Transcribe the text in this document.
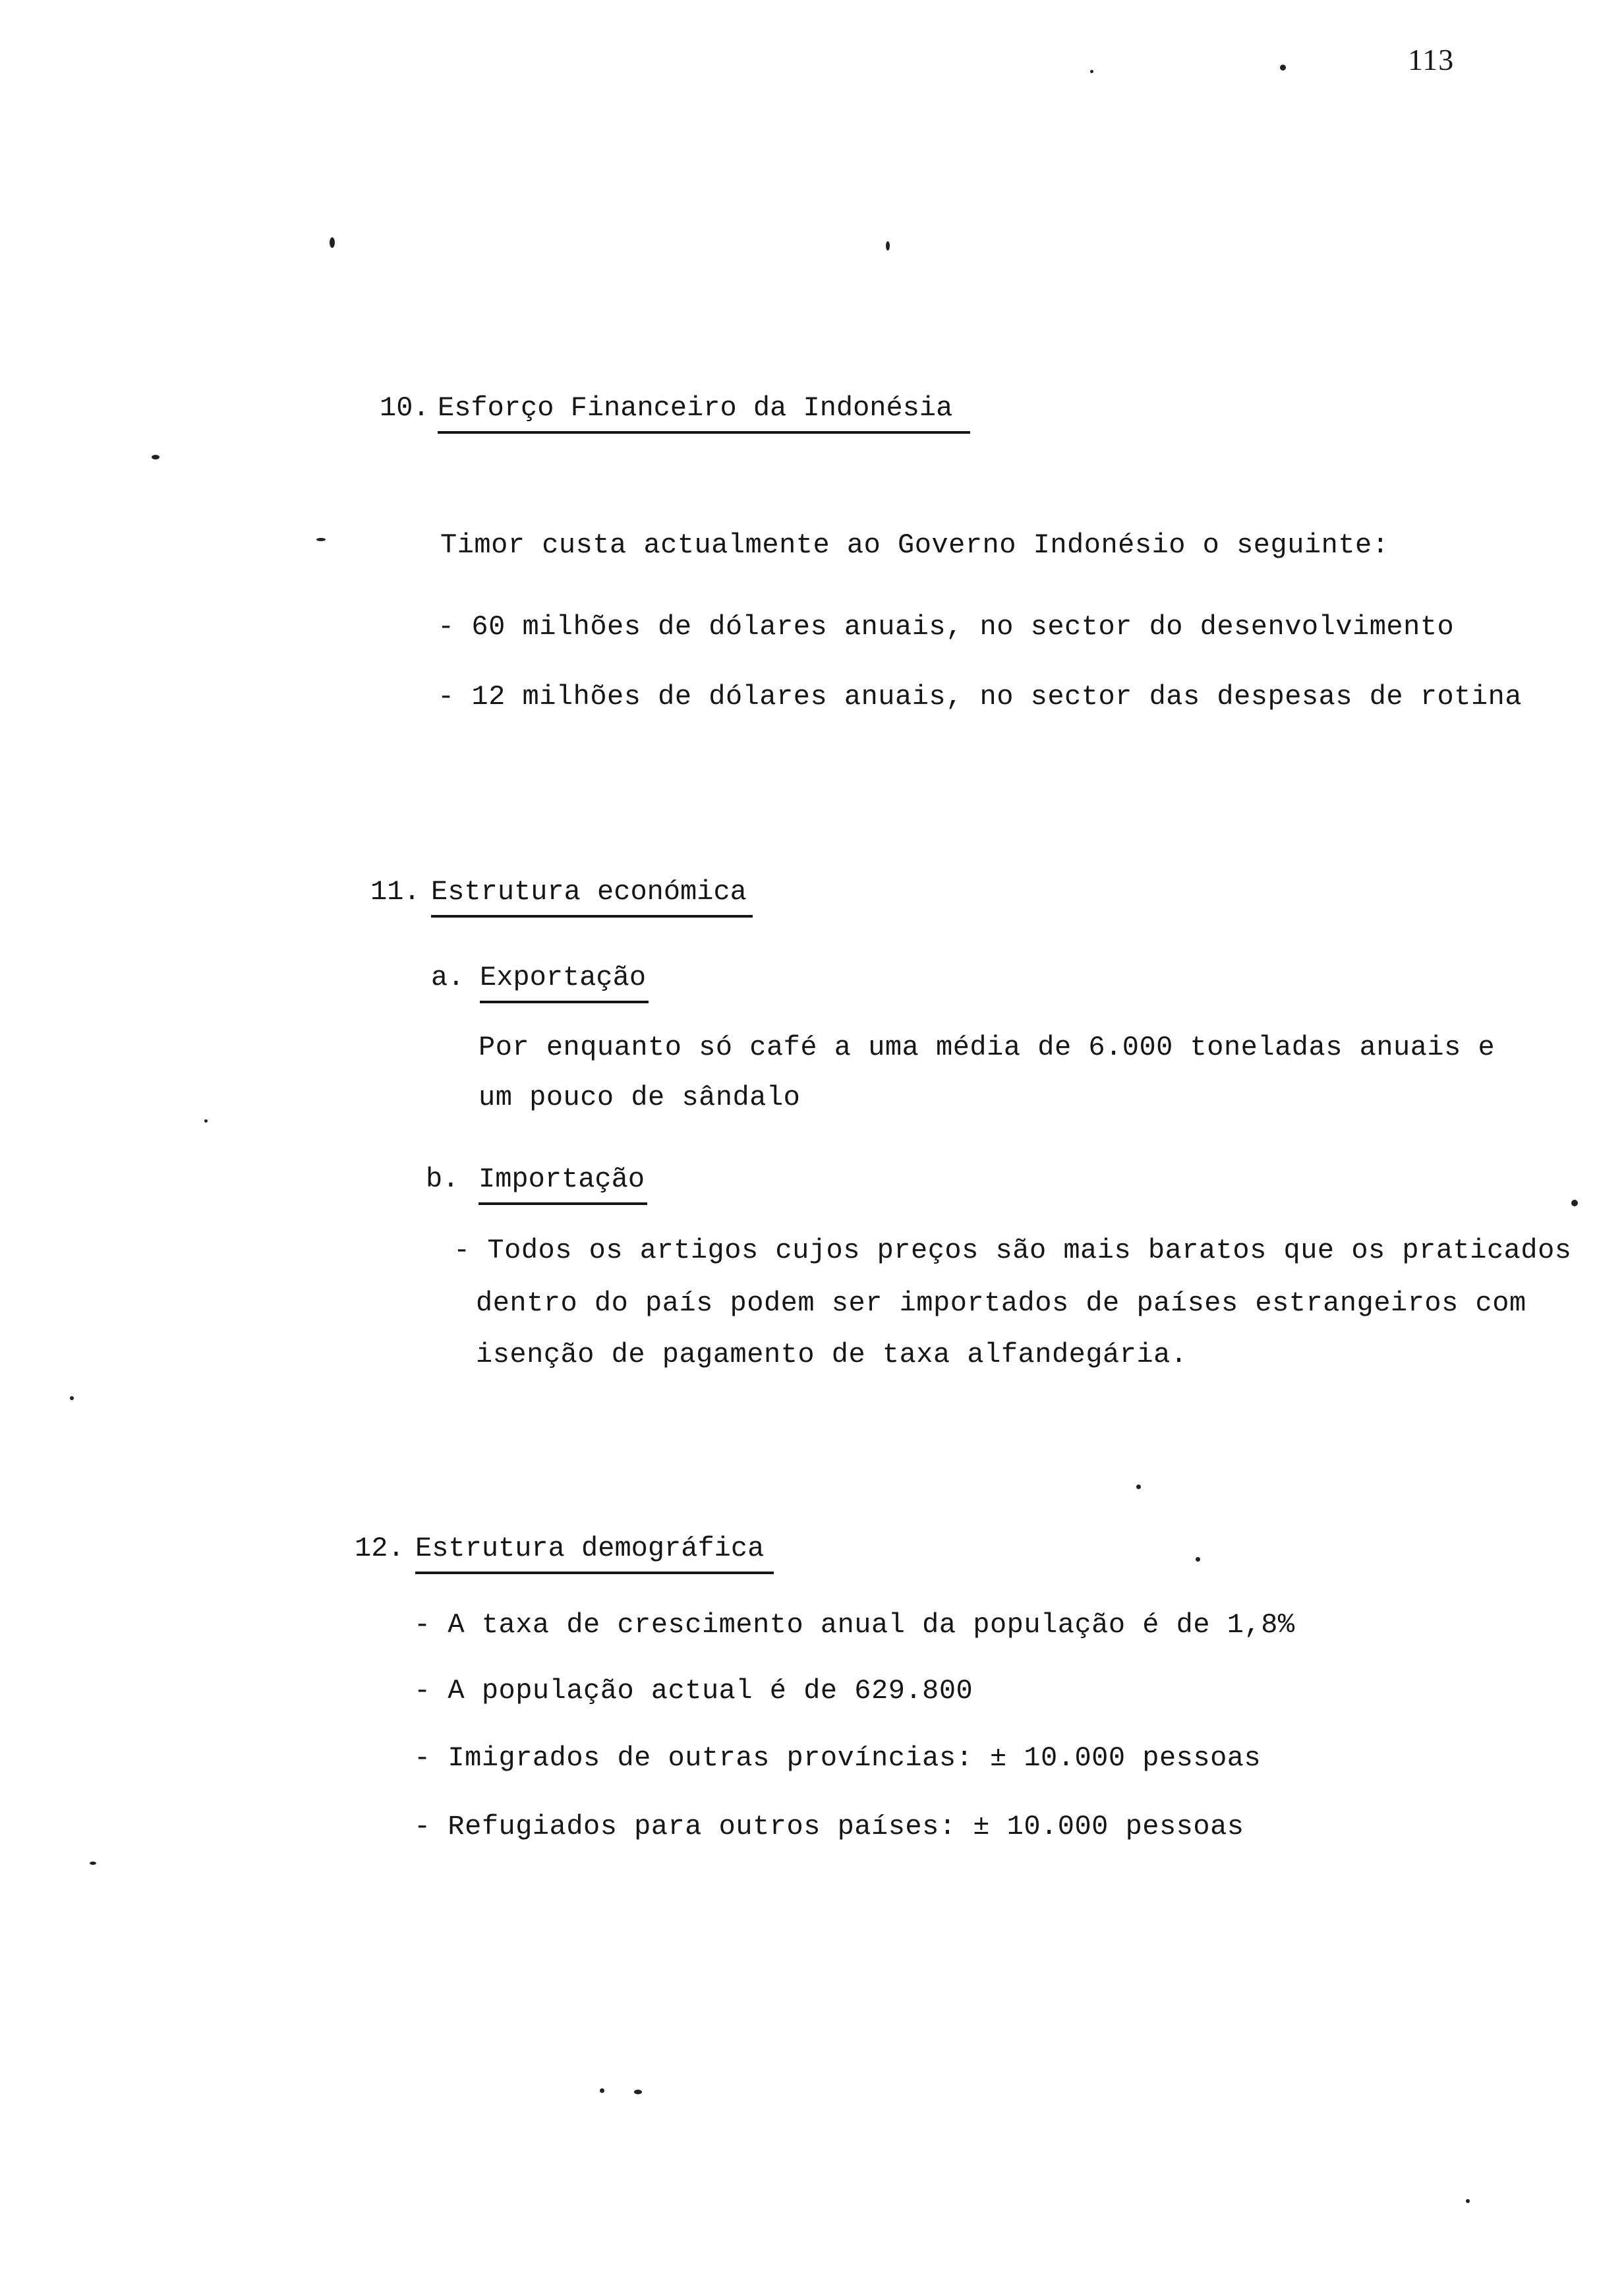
113
10. Esforço Financeiro da Indonésia
Timor custa actualmente ao Governo Indonésio o seguinte:
- 60 milhões de dólares anuais, no sector do desenvolvimento
- 12 milhões de dólares anuais, no sector das despesas de rotina
11. Estrutura económica
a. Exportação
Por enquanto só café a uma média de 6.000 toneladas anuais e
um pouco de sândalo
b. Importação
- Todos os artigos cujos preços são mais baratos que os praticados
dentro do país podem ser importados de países estrangeiros com
isenção de pagamento de taxa alfandegária.
12. Estrutura demográfica
- A taxa de crescimento anual da população é de 1,8%
- A população actual é de 629.800
- Imigrados de outras províncias: ± 10.000 pessoas
- Refugiados para outros países: ± 10.000 pessoas
